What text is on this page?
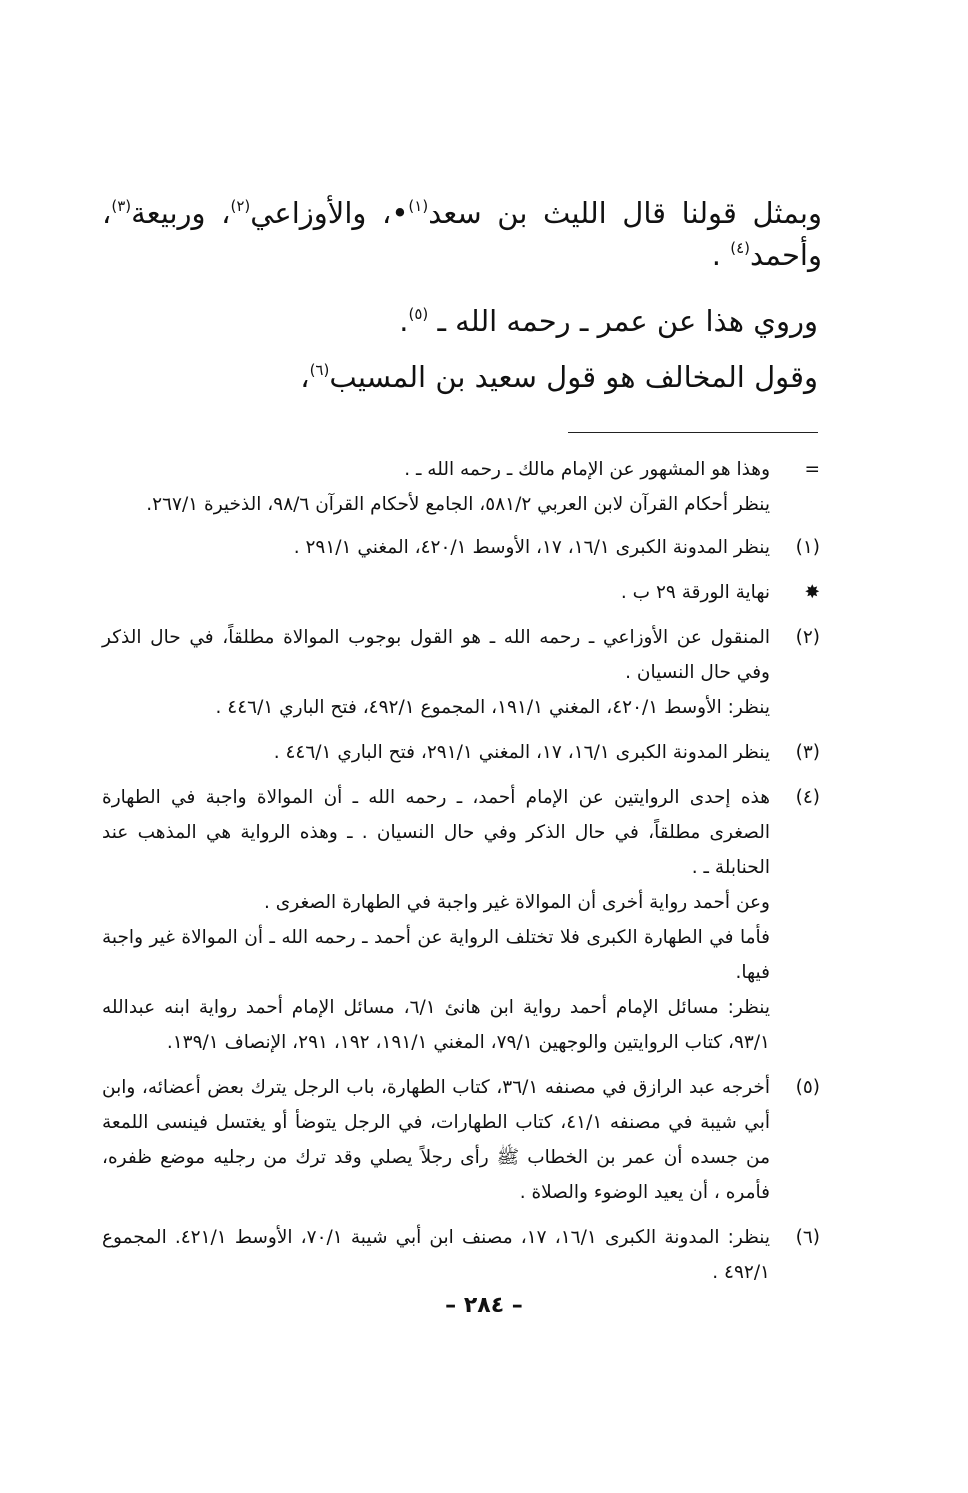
وبمثل قولنا قال الليث بن سعد$^{(١)}$•، والأوزاعي$^{(٢)}$، وربيعة$^{(٣)}$، وأحمد$^{(٤)}$ .

وروي هذا عن عمر ـ رحمه الله ـ $^{(٥)}$.

وقول المخالف هو قول سعيد بن المسيب$^{(٦)}$،

=

وهذا هو المشهور عن الإمام مالك ـ رحمه الله ـ .

ينظر أحكام القرآن لابن العربي ٥٨١/٢، الجامع لأحكام القرآن ٩٨/٦، الذخيرة ٢٦٧/١.

(١)

ينظر المدونة الكبرى ١٦/١، ١٧، الأوسط ٤٢٠/١، المغني ٢٩١/١ .

✸

نهاية الورقة ٢٩ ب .

(٢)

المنقول عن الأوزاعي ـ رحمه الله ـ هو القول بوجوب الموالاة مطلقاً، في حال الذكر وفي حال النسيان .

ينظر: الأوسط ٤٢٠/١، المغني ١٩١/١، المجموع ٤٩٢/١، فتح الباري ٤٤٦/١ .

(٣)

ينظر المدونة الكبرى ١٦/١، ١٧، المغني ٢٩١/١، فتح الباري ٤٤٦/١ .

(٤)

هذه إحدى الروايتين عن الإمام أحمد، ـ رحمه الله ـ أن الموالاة واجبة في الطهارة الصغرى مطلقاً، في حال الذكر وفي حال النسيان . ـ وهذه الرواية هي المذهب عند الحنابلة ـ .

وعن أحمد رواية أخرى أن الموالاة غير واجبة في الطهارة الصغرى .

فأما في الطهارة الكبرى فلا تختلف الرواية عن أحمد ـ رحمه الله ـ أن الموالاة غير واجبة فيها.

ينظر: مسائل الإمام أحمد رواية ابن هانئ ٦/١، مسائل الإمام أحمد رواية ابنه عبدالله ٩٣/١، كتاب الروايتين والوجهين ٧٩/١، المغني ١٩١/١، ١٩٢، ٢٩١، الإنصاف ١٣٩/١.

(٥)

أخرجه عبد الرازق في مصنفه ٣٦/١، كتاب الطهارة، باب الرجل يترك بعض أعضائه، وابن أبي شيبة في مصنفه ٤١/١، كتاب الطهارات، في الرجل يتوضأ أو يغتسل فينسى اللمعة من جسده أن عمر بن الخطاب ﷺ رأى رجلاً يصلي وقد ترك من رجليه موضع ظفره، فأمره ، أن يعيد الوضوء والصلاة .

(٦)

ينظر: المدونة الكبرى ١٦/١، ١٧، مصنف ابن أبي شيبة ٧٠/١، الأوسط ٤٢١/١. المجموع ٤٩٢/١ .

– ٢٨٤ –
